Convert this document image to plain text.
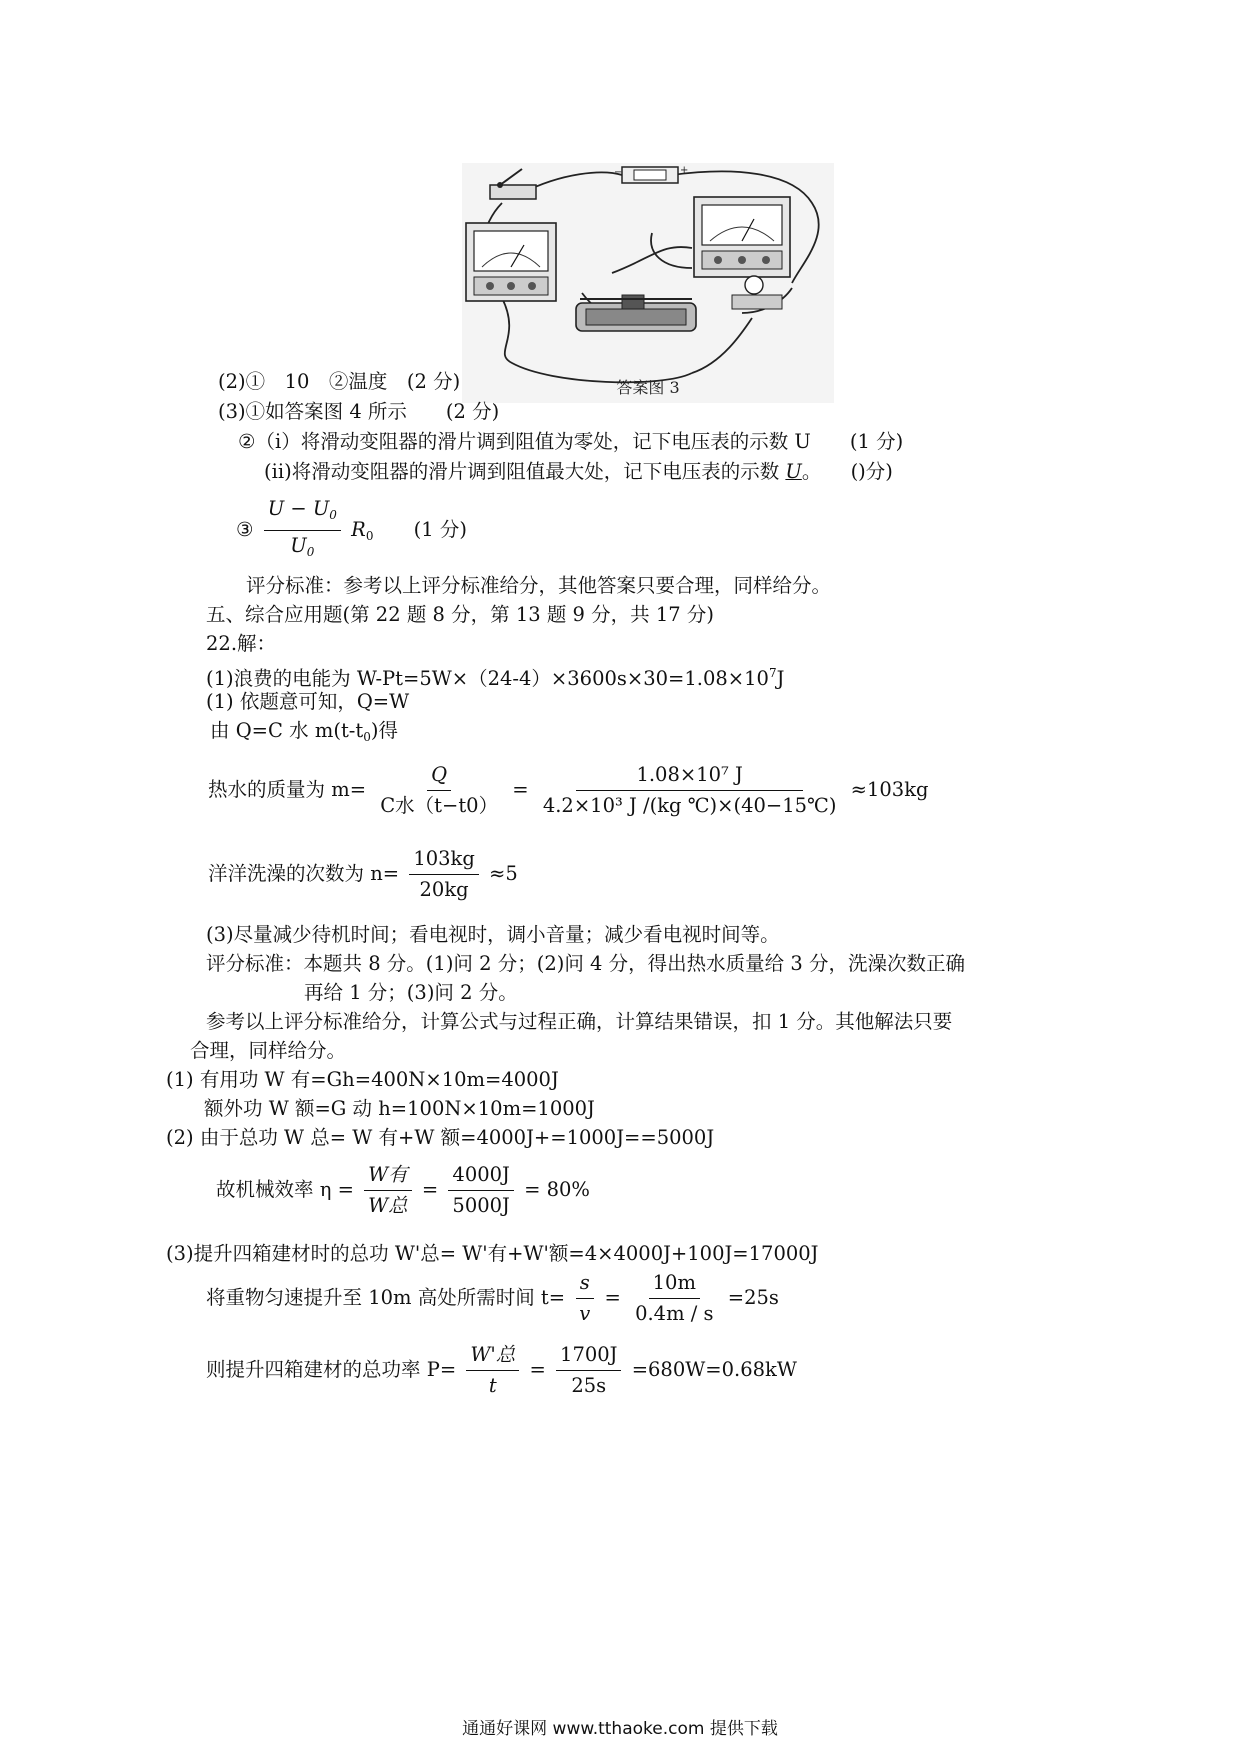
−	+
答案图 3
(2)①　10　②温度　(2 分)
(3)①如答案图 4 所示　　(2 分)
②（i）将滑动变阻器的滑片调到阻值为零处，记下电压表的示数 U　　(1 分)
(ii)将滑动变阻器的滑片调到阻值最大处，记下电压表的示数 U。　　()分)
③ $\frac{U - U_0}{U_0} R_0$ (1 分)
评分标准：参考以上评分标准给分，其他答案只要合理，同样给分。
五、综合应用题(第 22 题 8 分，第 13 题 9 分，共 17 分)
22.解：
(1)浪费的电能为 $W-Pt=5W\times(24-4)\times 3600s\times 30=1.08\times 10^7J$
(1) 依题意可知，Q=W
由 Q=C 水 $m(t-t_0)$得
热水的质量为 $m= \frac{Q}{\text{C水（t−t0）}} = \frac{\text{1.08×10⁷ J}}{\text{4.2×10³ J /(kg ℃)×(40−15℃)}} \approx 103kg$
洋洋洗澡的次数为 $n= \frac{103kg}{20kg} \approx 5$
(3)尽量减少待机时间；看电视时，调小音量；减少看电视时间等。
评分标准：本题共 8 分。(1)问 2 分；(2)问 4 分，得出热水质量给 3 分，洗澡次数正确
再给 1 分；(3)问 2 分。
参考以上评分标准给分，计算公式与过程正确，计算结果错误，扣 1 分。其他解法只要
合理，同样给分。
(1) 有用功 W 有=Gh=400N×10m=4000J
额外功 W 额=G 动 h=100N×10m=1000J
(2) 由于总功 W 总= W 有+W 额=4000J+=1000J==5000J
故机械效率 $\eta = \frac{\text{W有}}{\text{W总}} = \frac{4000J}{5000J} = 80\%$
(3)提升四箱建材时的总功 W'总= W'有+W'额=4×4000J+100J=17000J
将重物匀速提升至 10m 高处所需时间 $t= \frac{s}{v} = \frac{10m}{0.4m / s} =25s$
则提升四箱建材的总功率 $P= \frac{\text{W'总}}{t} = \frac{1700J}{25s} =680W=0.68kW$
通通好课网 www.tthaoke.com 提供下载
